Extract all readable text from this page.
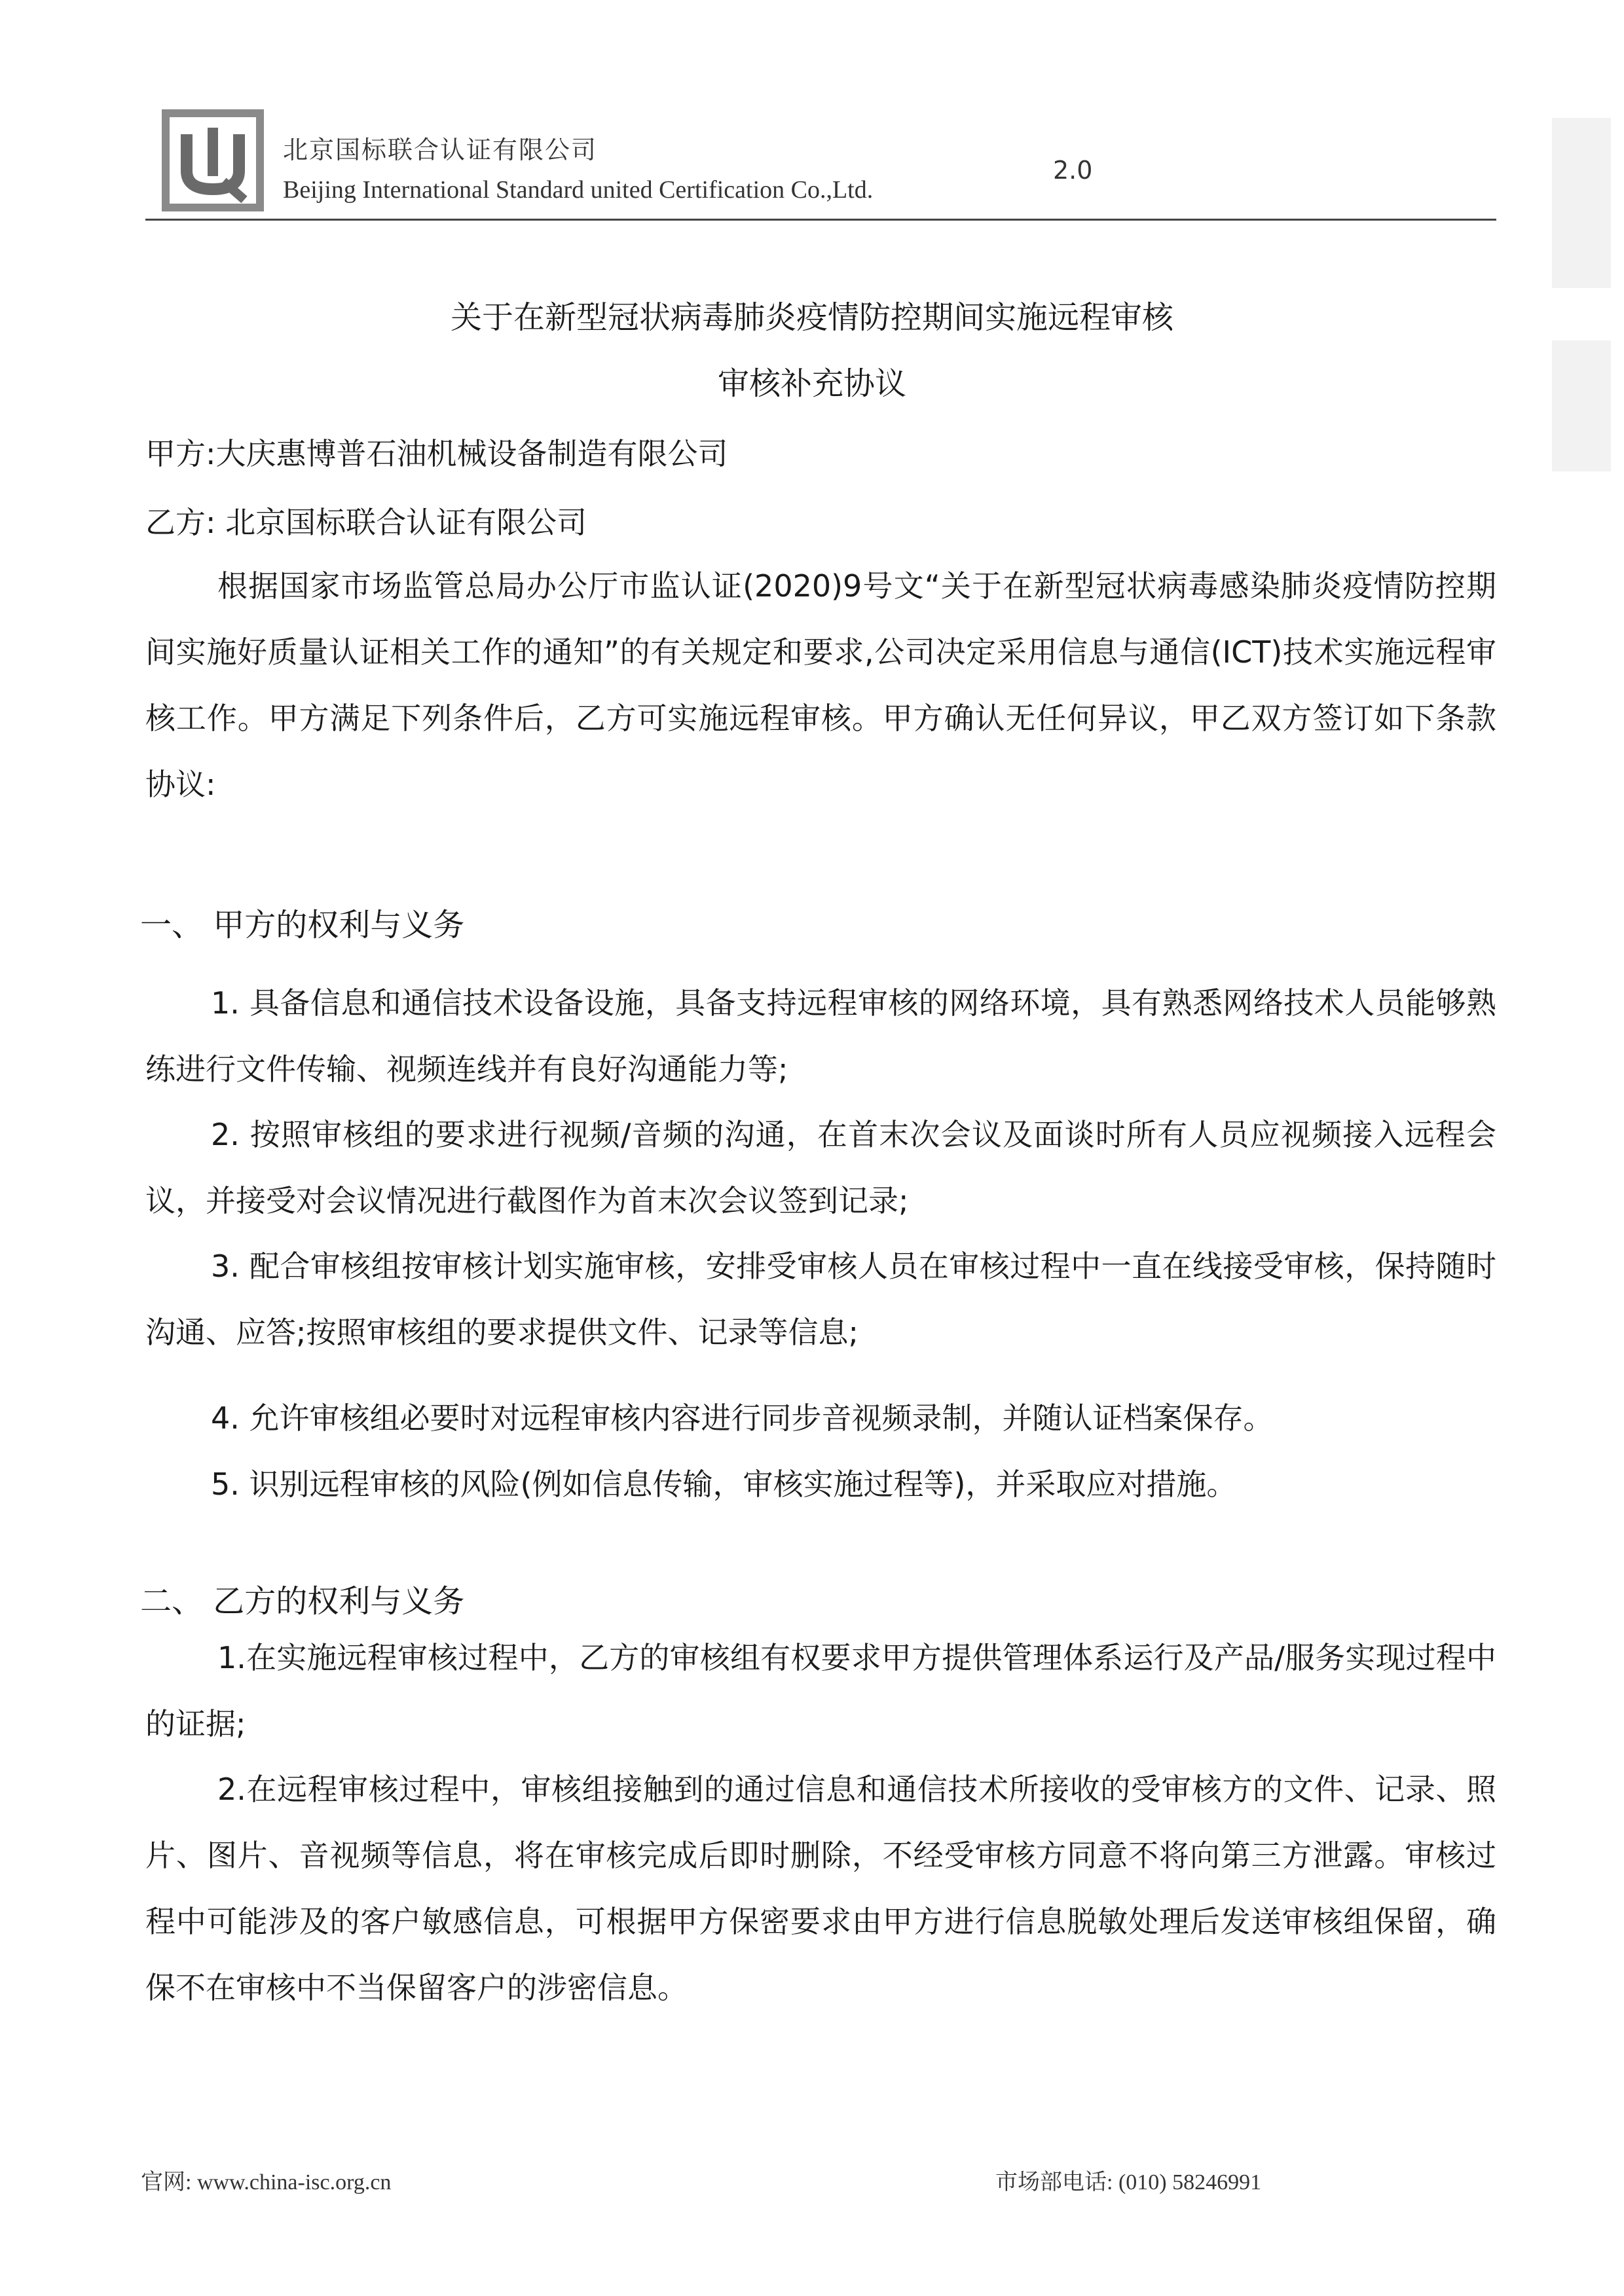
北京国标联合认证有限公司
Beijing International Standard united Certification Co.,Ltd.
2.0
关于在新型冠状病毒肺炎疫情防控期间实施远程审核
审核补充协议
甲方:大庆惠博普石油机械设备制造有限公司
乙方: 北京国标联合认证有限公司
根据国家市场监管总局办公厅市监认证(2020)9号文“关于在新型冠状病毒感染肺炎疫情防控期间实施好质量认证相关工作的通知”的有关规定和要求,公司决定采用信息与通信(ICT)技术实施远程审核工作。甲方满足下列条件后，乙方可实施远程审核。甲方确认无任何异议，甲乙双方签订如下条款协议:
一、 甲方的权利与义务
1. 具备信息和通信技术设备设施，具备支持远程审核的网络环境，具有熟悉网络技术人员能够熟练进行文件传输、视频连线并有良好沟通能力等;
2. 按照审核组的要求进行视频/音频的沟通，在首末次会议及面谈时所有人员应视频接入远程会议，并接受对会议情况进行截图作为首末次会议签到记录;
3. 配合审核组按审核计划实施审核，安排受审核人员在审核过程中一直在线接受审核，保持随时沟通、应答;按照审核组的要求提供文件、记录等信息;
4. 允许审核组必要时对远程审核内容进行同步音视频录制，并随认证档案保存。
5. 识别远程审核的风险(例如信息传输，审核实施过程等)，并采取应对措施。
二、 乙方的权利与义务
1.在实施远程审核过程中，乙方的审核组有权要求甲方提供管理体系运行及产品/服务实现过程中的证据;
2.在远程审核过程中，审核组接触到的通过信息和通信技术所接收的受审核方的文件、记录、照片、图片、音视频等信息，将在审核完成后即时删除，不经受审核方同意不将向第三方泄露。审核过程中可能涉及的客户敏感信息，可根据甲方保密要求由甲方进行信息脱敏处理后发送审核组保留，确保不在审核中不当保留客户的涉密信息。
官网: www.china-isc.org.cn	市场部电话: (010) 58246991
